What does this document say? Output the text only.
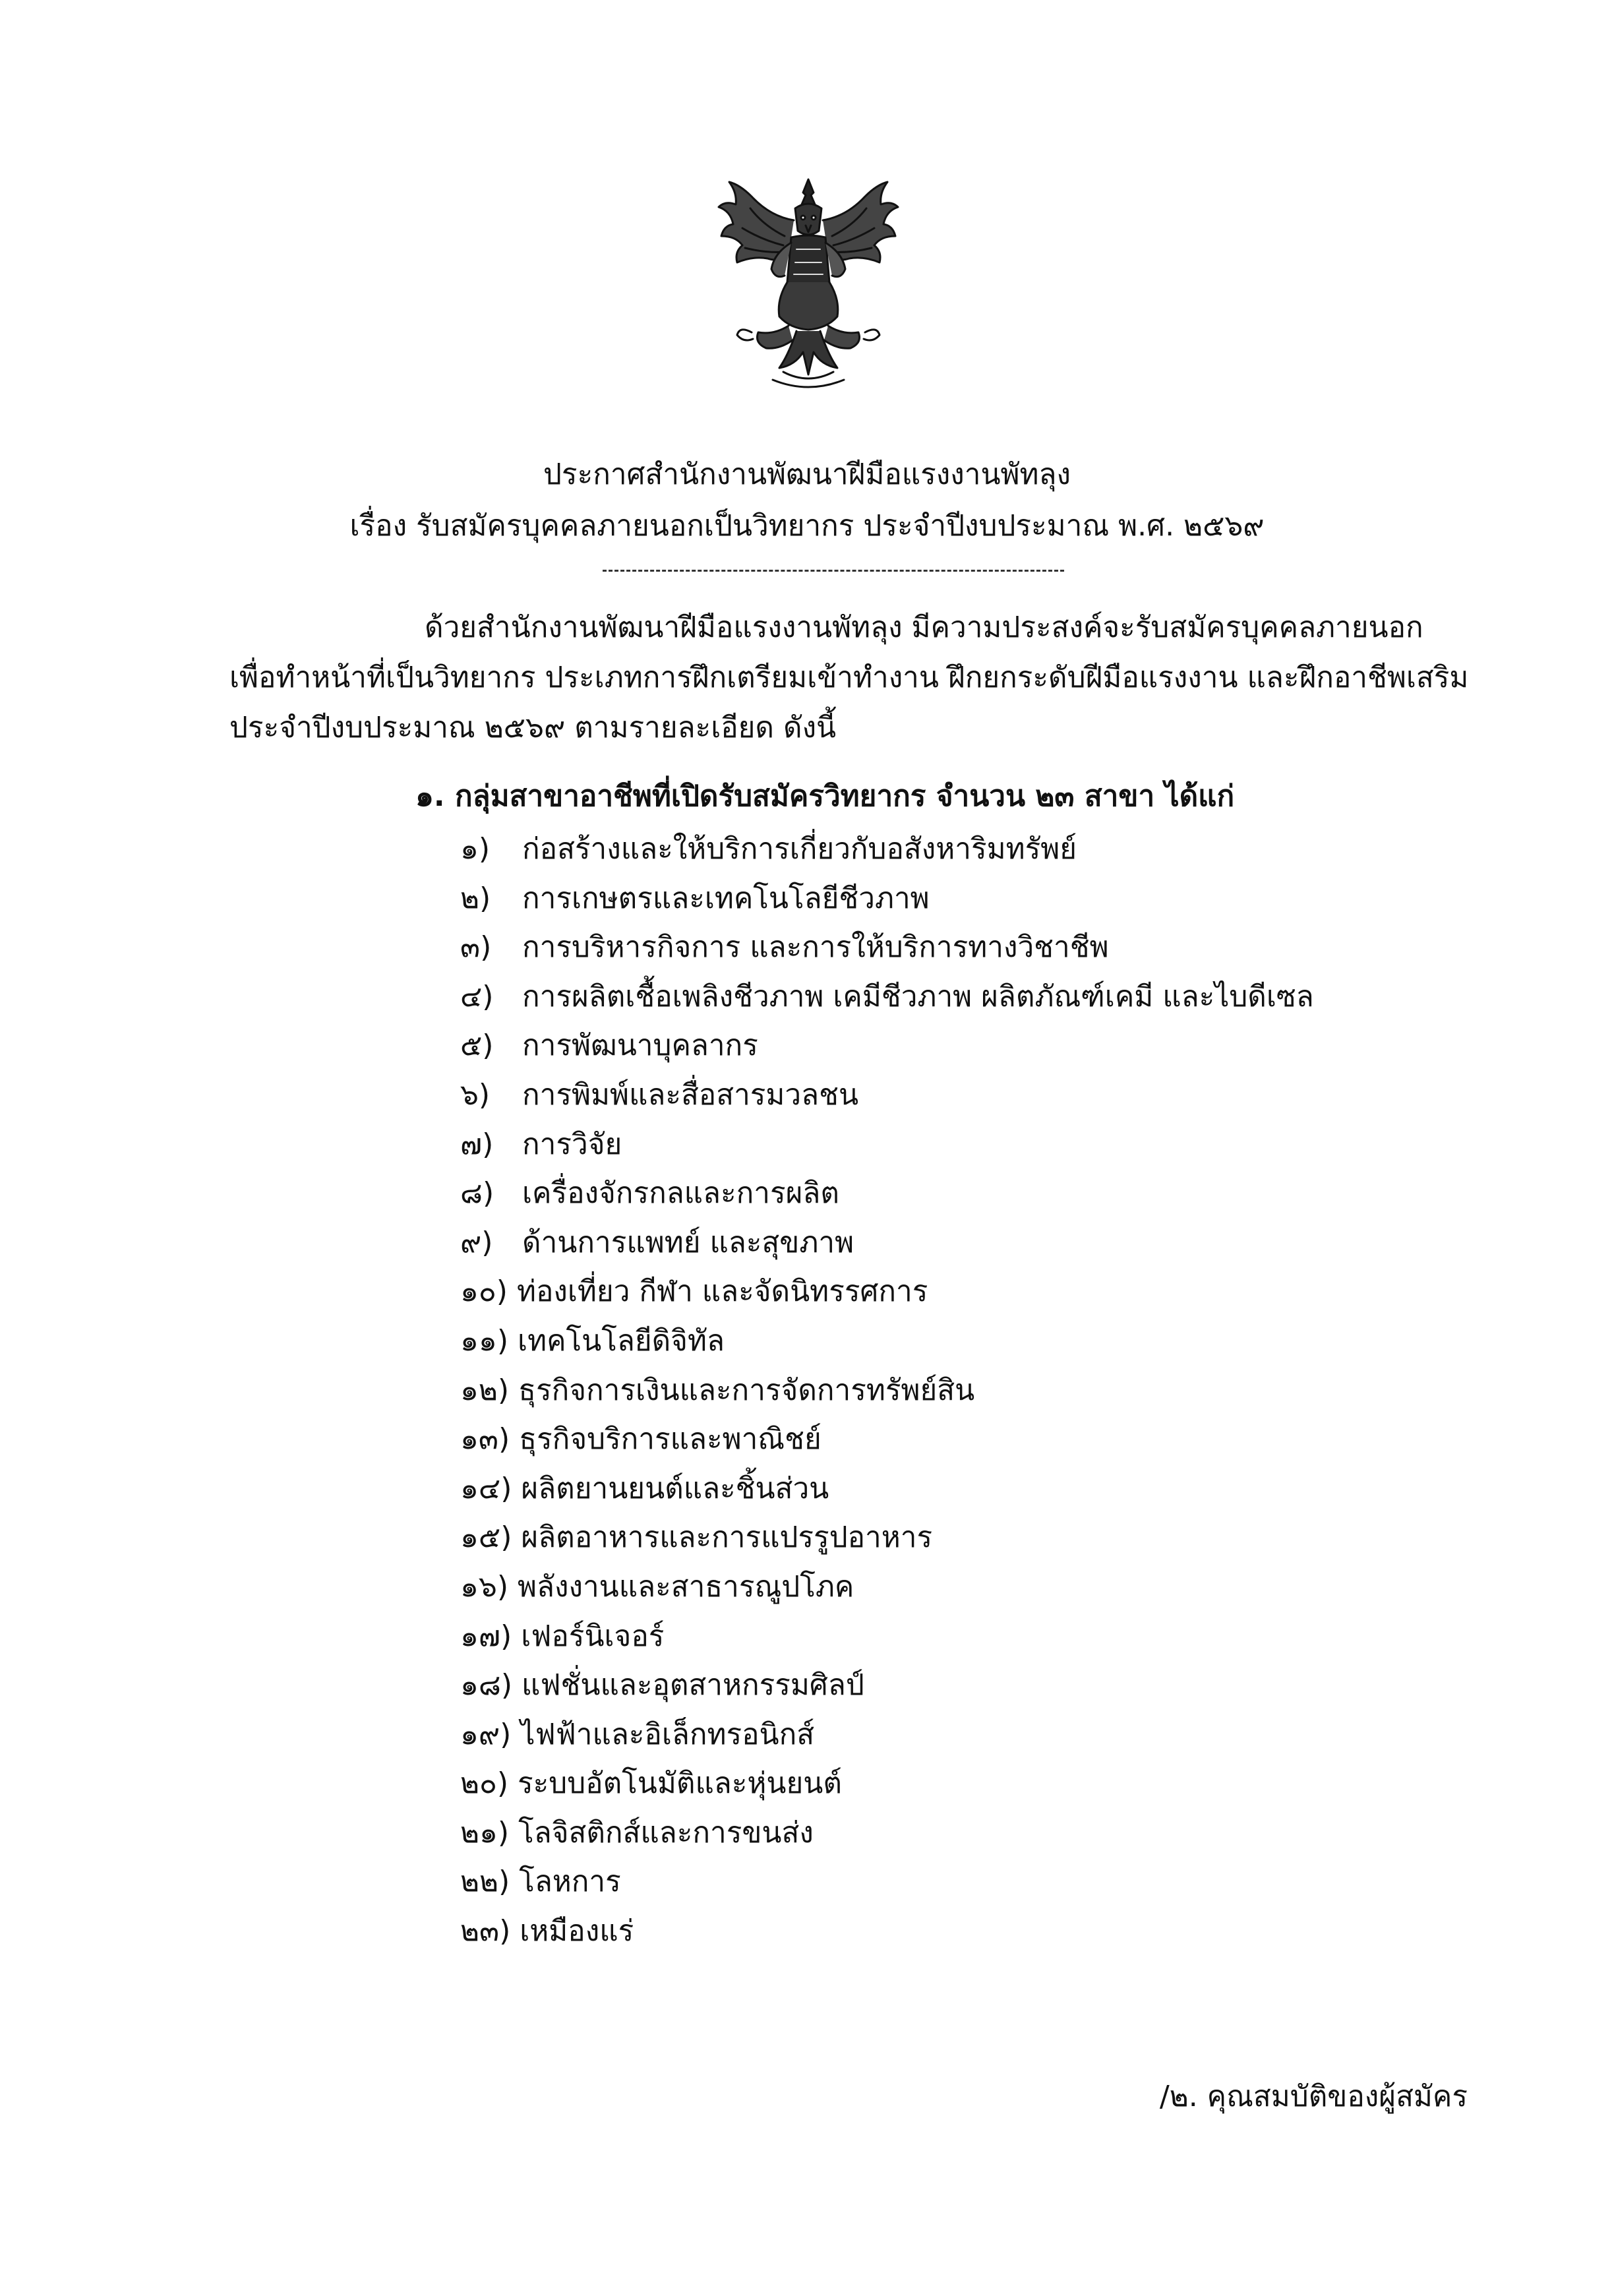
ประกาศสำนักงานพัฒนาฝีมือแรงงานพัทลุง
เรื่อง รับสมัครบุคคลภายนอกเป็นวิทยากร ประจำปีงบประมาณ พ.ศ. ๒๕๖๙
ด้วยสำนักงานพัฒนาฝีมือแรงงานพัทลุง มีความประสงค์จะรับสมัครบุคคลภายนอก
เพื่อทำหน้าที่เป็นวิทยากร ประเภทการฝึกเตรียมเข้าทำงาน ฝึกยกระดับฝีมือแรงงาน และฝึกอาชีพเสริม
ประจำปีงบประมาณ ๒๕๖๙ ตามรายละเอียด ดังนี้
๑. กลุ่มสาขาอาชีพที่เปิดรับสมัครวิทยากร จำนวน ๒๓ สาขา ได้แก่
๑) ก่อสร้างและให้บริการเกี่ยวกับอสังหาริมทรัพย์
๒) การเกษตรและเทคโนโลยีชีวภาพ
๓) การบริหารกิจการ และการให้บริการทางวิชาชีพ
๔) การผลิตเชื้อเพลิงชีวภาพ เคมีชีวภาพ ผลิตภัณฑ์เคมี และไบดีเซล
๕) การพัฒนาบุคลากร
๖) การพิมพ์และสื่อสารมวลชน
๗) การวิจัย
๘) เครื่องจักรกลและการผลิต
๙) ด้านการแพทย์ และสุขภาพ
๑๐) ท่องเที่ยว กีฬา และจัดนิทรรศการ
๑๑) เทคโนโลยีดิจิทัล
๑๒) ธุรกิจการเงินและการจัดการทรัพย์สิน
๑๓) ธุรกิจบริการและพาณิชย์
๑๔) ผลิตยานยนต์และชิ้นส่วน
๑๕) ผลิตอาหารและการแปรรูปอาหาร
๑๖) พลังงานและสาธารณูปโภค
๑๗) เฟอร์นิเจอร์
๑๘) แฟชั่นและอุตสาหกรรมศิลป์
๑๙) ไฟฟ้าและอิเล็กทรอนิกส์
๒๐) ระบบอัตโนมัติและหุ่นยนต์
๒๑) โลจิสติกส์และการขนส่ง
๒๒) โลหการ
๒๓) เหมืองแร่
/๒. คุณสมบัติของผู้สมัคร
